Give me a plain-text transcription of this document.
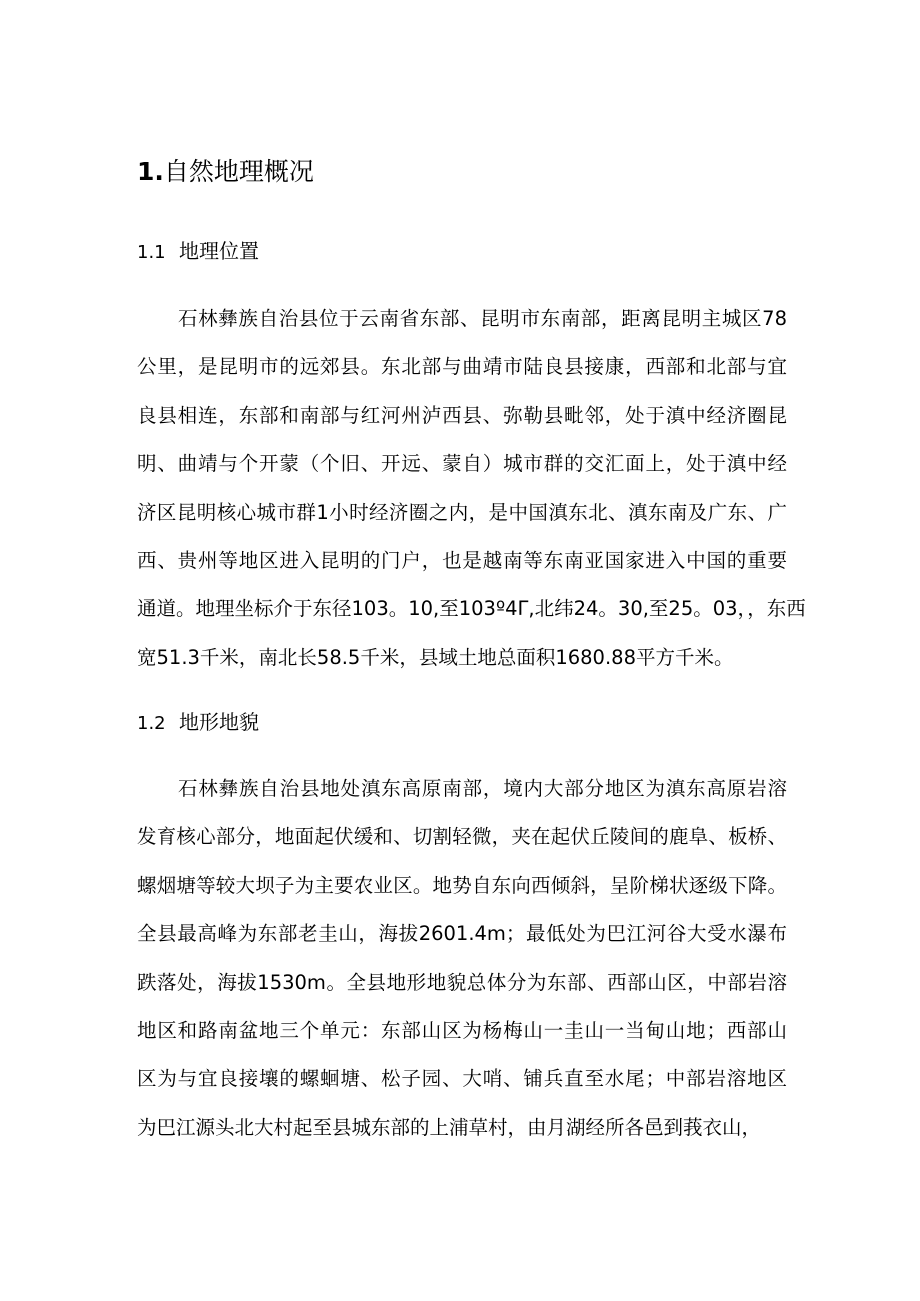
1.自然地理概况
1.1 地理位置
石林彝族自治县位于云南省东部、昆明市东南部，距离昆明主城区78
公里，是昆明市的远郊县。东北部与曲靖市陆良县接康，西部和北部与宜
良县相连，东部和南部与红河州泸西县、弥勒县毗邻，处于滇中经济圈昆
明、曲靖与个开蒙（个旧、开远、蒙自）城市群的交汇面上，处于滇中经
济区昆明核心城市群1小时经济圈之内，是中国滇东北、滇东南及广东、广
西、贵州等地区进入昆明的门户，也是越南等东南亚国家进入中国的重要
通道。地理坐标介于东径103。10,至103º4Γ,北纬24。30,至25。03，，东西
宽51.3千米，南北长58.5千米，县域土地总面积1680.88平方千米。
1.2 地形地貌
石林彝族自治县地处滇东高原南部，境内大部分地区为滇东高原岩溶
发育核心部分，地面起伏缓和、切割轻微，夹在起伏丘陵间的鹿阜、板桥、
螺烟塘等较大坝子为主要农业区。地势自东向西倾斜，呈阶梯状逐级下降。
全县最高峰为东部老圭山，海拔2601.4m；最低处为巴江河谷大受水瀑布
跌落处，海拔1530m。全县地形地貌总体分为东部、西部山区，中部岩溶
地区和路南盆地三个单元：东部山区为杨梅山一圭山一当甸山地；西部山
区为与宜良接壤的螺蛔塘、松子园、大哨、铺兵直至水尾；中部岩溶地区
为巴江源头北大村起至县城东部的上浦草村，由月湖经所各邑到莪衣山，
